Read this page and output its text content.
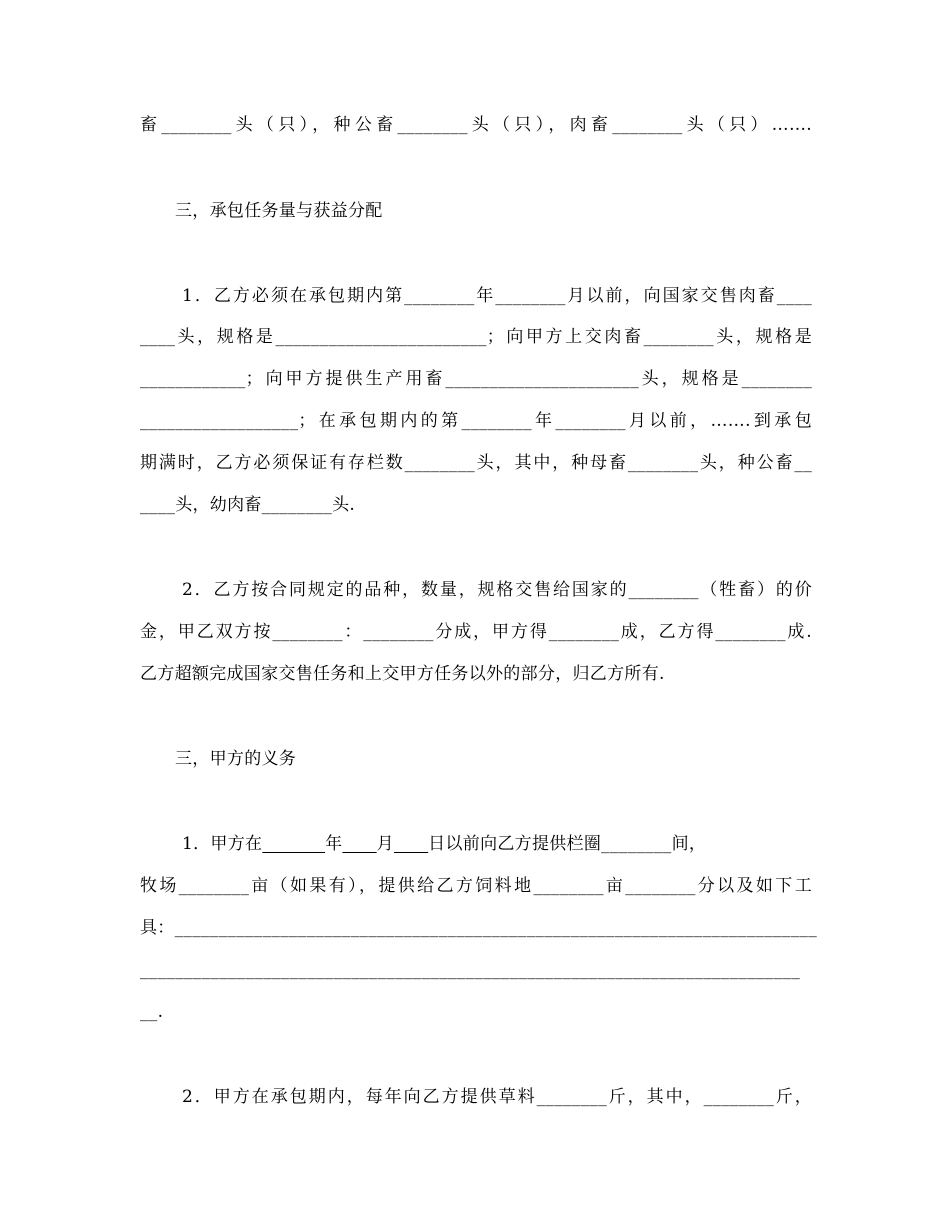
畜________头（只），种公畜________头（只），肉畜________头（只）…….
三，承包任务量与获益分配
1．乙方必须在承包期内第________年________月以前，向国家交售肉畜____
____头，规格是________________________；向甲方上交肉畜________头，规格是
____________；向甲方提供生产用畜______________________头，规格是________
__________________；在承包期内的第________年________月以前，…….到承包
期满时，乙方必须保证有存栏数________头，其中，种母畜________头，种公畜__
____头，幼肉畜________头.
2．乙方按合同规定的品种，数量，规格交售给国家的________（牲畜）的价
金，甲乙双方按________：________分成，甲方得________成，乙方得________成.
乙方超额完成国家交售任务和上交甲方任务以外的部分，归乙方所有.
三，甲方的义务
1．甲方在	年 月 日以前向乙方提供栏圈________间，
牧场________亩（如果有），提供给乙方饲料地________亩________分以及如下工
具：_________________________________________________________________________
___________________________________________________________________________
__.
2．甲方在承包期内，每年向乙方提供草料________斤，其中，________斤，
